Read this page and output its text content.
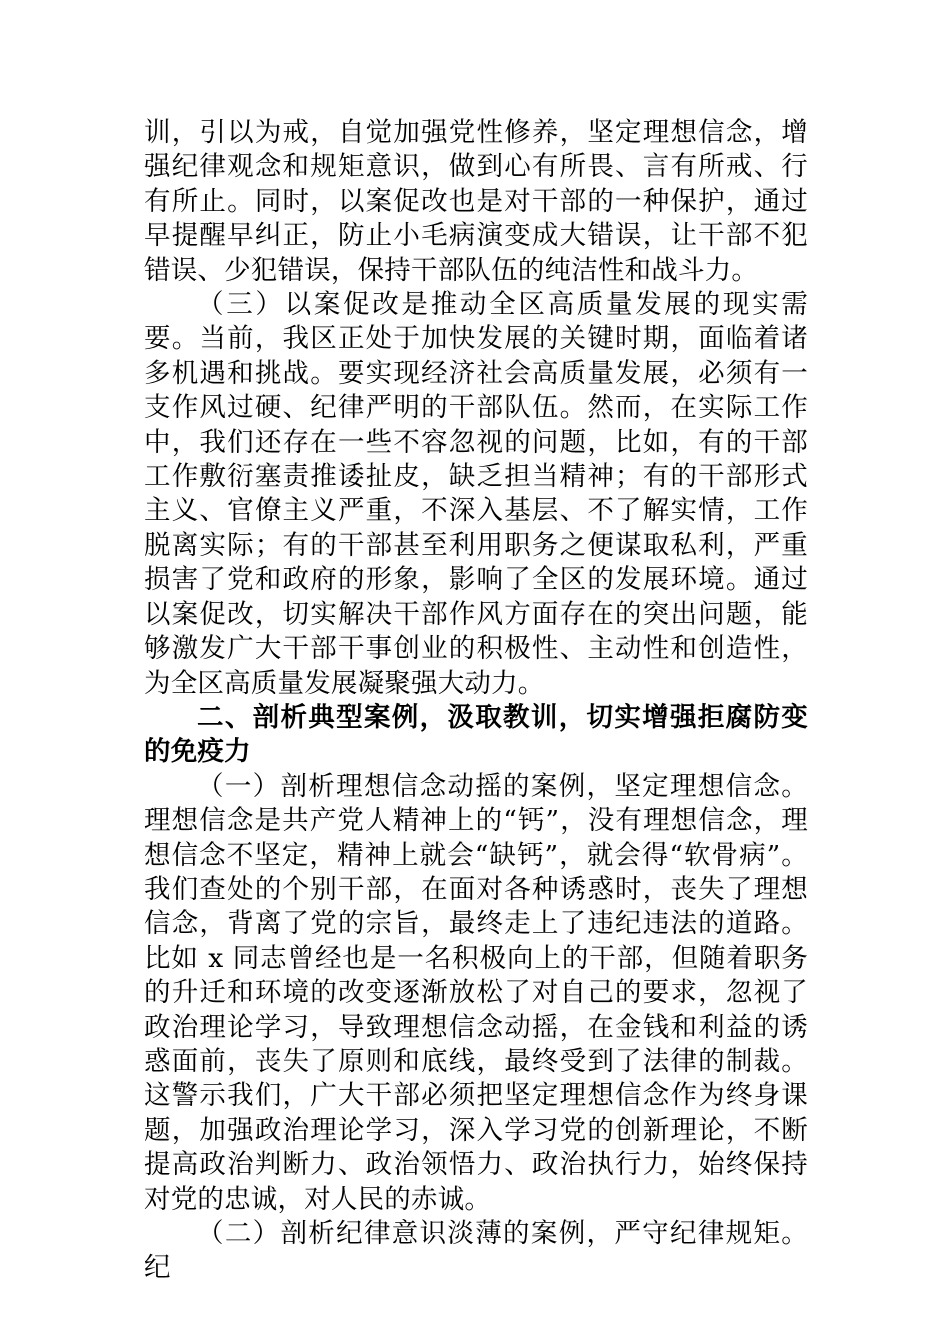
训，引以为戒，自觉加强党性修养，坚定理想信念，增强纪律观念和规矩意识，做到心有所畏、言有所戒、行有所止。同时，以案促改也是对干部的一种保护，通过早提醒早纠正，防止小毛病演变成大错误，让干部不犯错误、少犯错误，保持干部队伍的纯洁性和战斗力。

（三）以案促改是推动全区高质量发展的现实需要。当前，我区正处于加快发展的关键时期，面临着诸多机遇和挑战。要实现经济社会高质量发展，必须有一支作风过硬、纪律严明的干部队伍。然而，在实际工作中，我们还存在一些不容忽视的问题，比如，有的干部工作敷衍塞责推诿扯皮，缺乏担当精神；有的干部形式主义、官僚主义严重，不深入基层、不了解实情，工作脱离实际；有的干部甚至利用职务之便谋取私利，严重损害了党和政府的形象，影响了全区的发展环境。通过以案促改，切实解决干部作风方面存在的突出问题，能够激发广大干部干事创业的积极性、主动性和创造性，为全区高质量发展凝聚强大动力。

二、剖析典型案例，汲取教训，切实增强拒腐防变的免疫力

（一）剖析理想信念动摇的案例，坚定理想信念。理想信念是共产党人精神上的“钙”，没有理想信念，理想信念不坚定，精神上就会“缺钙”，就会得“软骨病”。我们查处的个别干部，在面对各种诱惑时，丧失了理想信念，背离了党的宗旨，最终走上了违纪违法的道路。比如 x 同志曾经也是一名积极向上的干部，但随着职务的升迁和环境的改变逐渐放松了对自己的要求，忽视了政治理论学习，导致理想信念动摇，在金钱和利益的诱惑面前，丧失了原则和底线，最终受到了法律的制裁。这警示我们，广大干部必须把坚定理想信念作为终身课题，加强政治理论学习，深入学习党的创新理论，不断提高政治判断力、政治领悟力、政治执行力，始终保持对党的忠诚，对人民的赤诚。

（二）剖析纪律意识淡薄的案例，严守纪律规矩。纪
